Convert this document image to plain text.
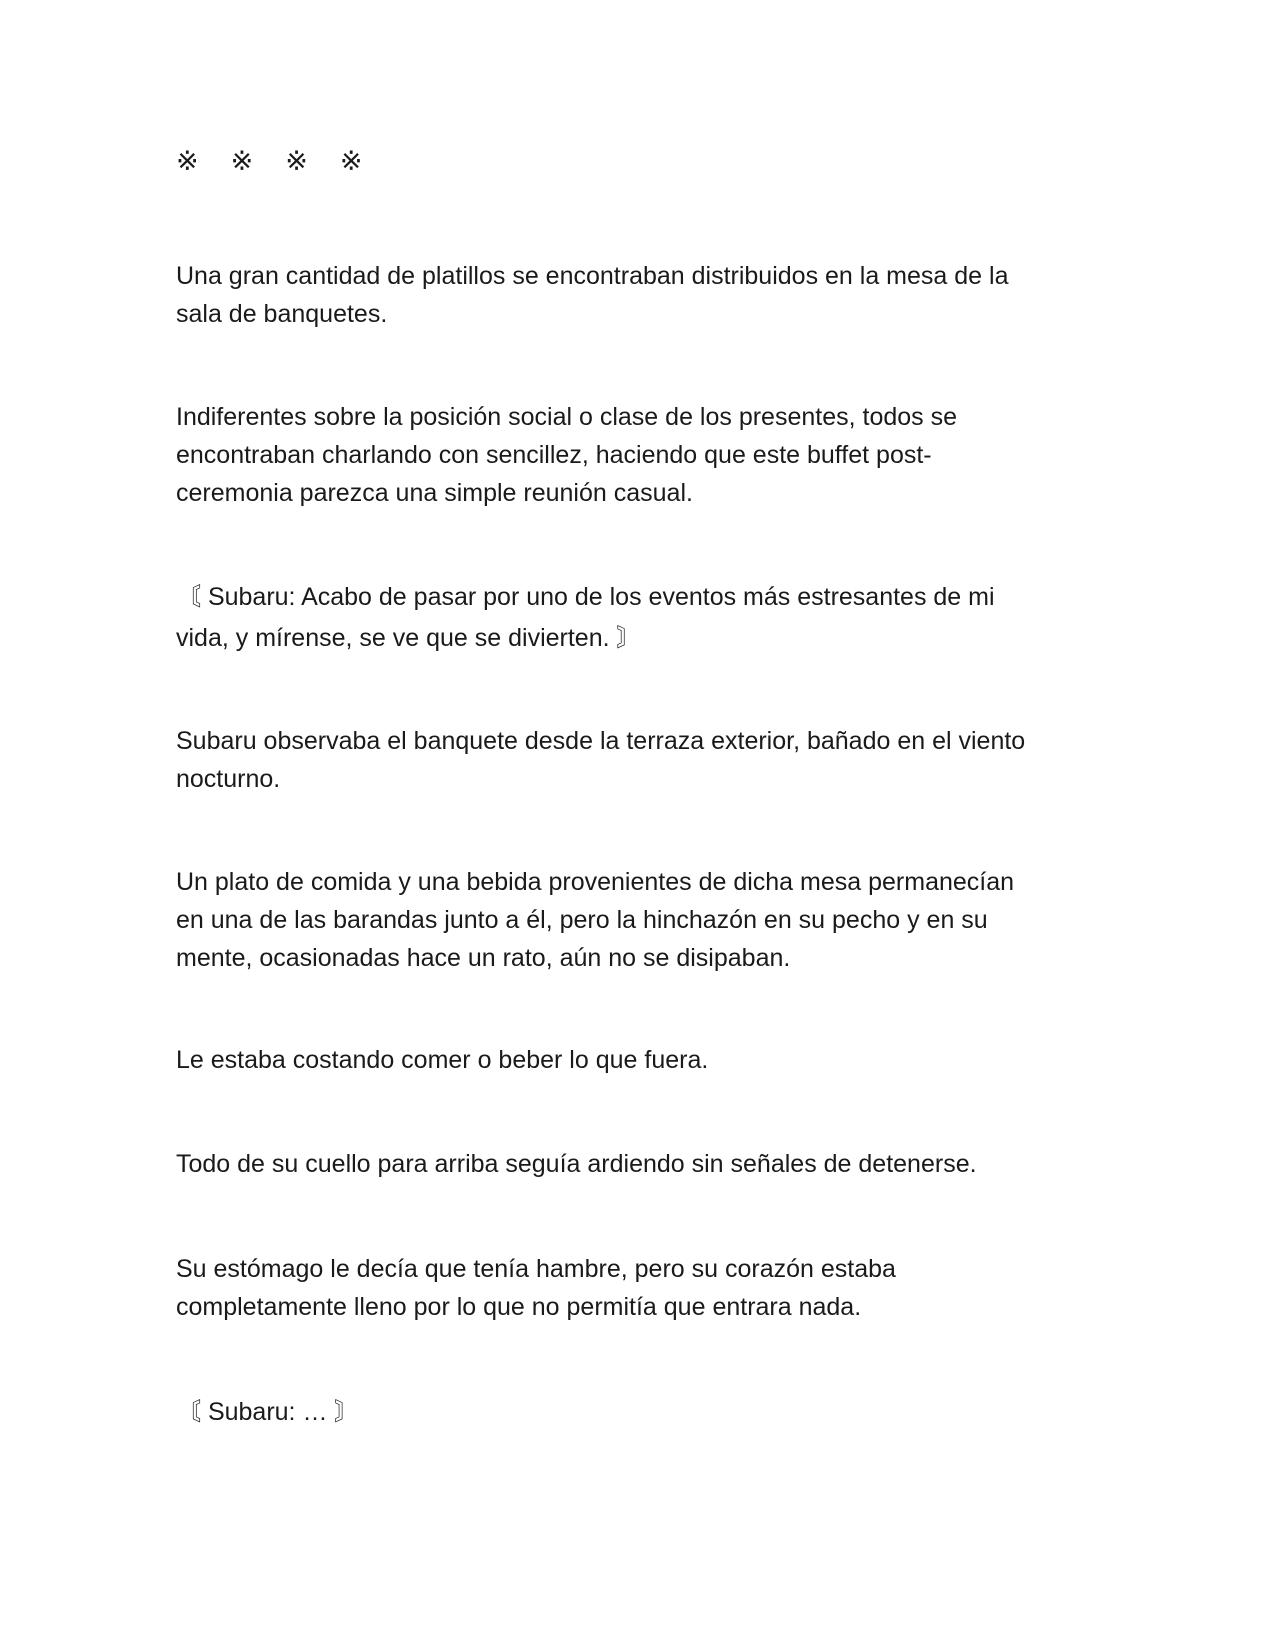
※※※※

Una gran cantidad de platillos se encontraban distribuidos en la mesa de la
sala de banquetes.

Indiferentes sobre la posición social o clase de los presentes, todos se
encontraban charlando con sencillez, haciendo que este buffet post-
ceremonia parezca una simple reunión casual.

〘 Subaru: Acabo de pasar por uno de los eventos más estresantes de mi
vida, y mírense, se ve que se divierten. 〙

Subaru observaba el banquete desde la terraza exterior, bañado en el viento
nocturno.

Un plato de comida y una bebida provenientes de dicha mesa permanecían
en una de las barandas junto a él, pero la hinchazón en su pecho y en su
mente, ocasionadas hace un rato, aún no se disipaban.

Le estaba costando comer o beber lo que fuera.

Todo de su cuello para arriba seguía ardiendo sin señales de detenerse.

Su estómago le decía que tenía hambre, pero su corazón estaba
completamente lleno por lo que no permitía que entrara nada.

〘 Subaru: … 〙
